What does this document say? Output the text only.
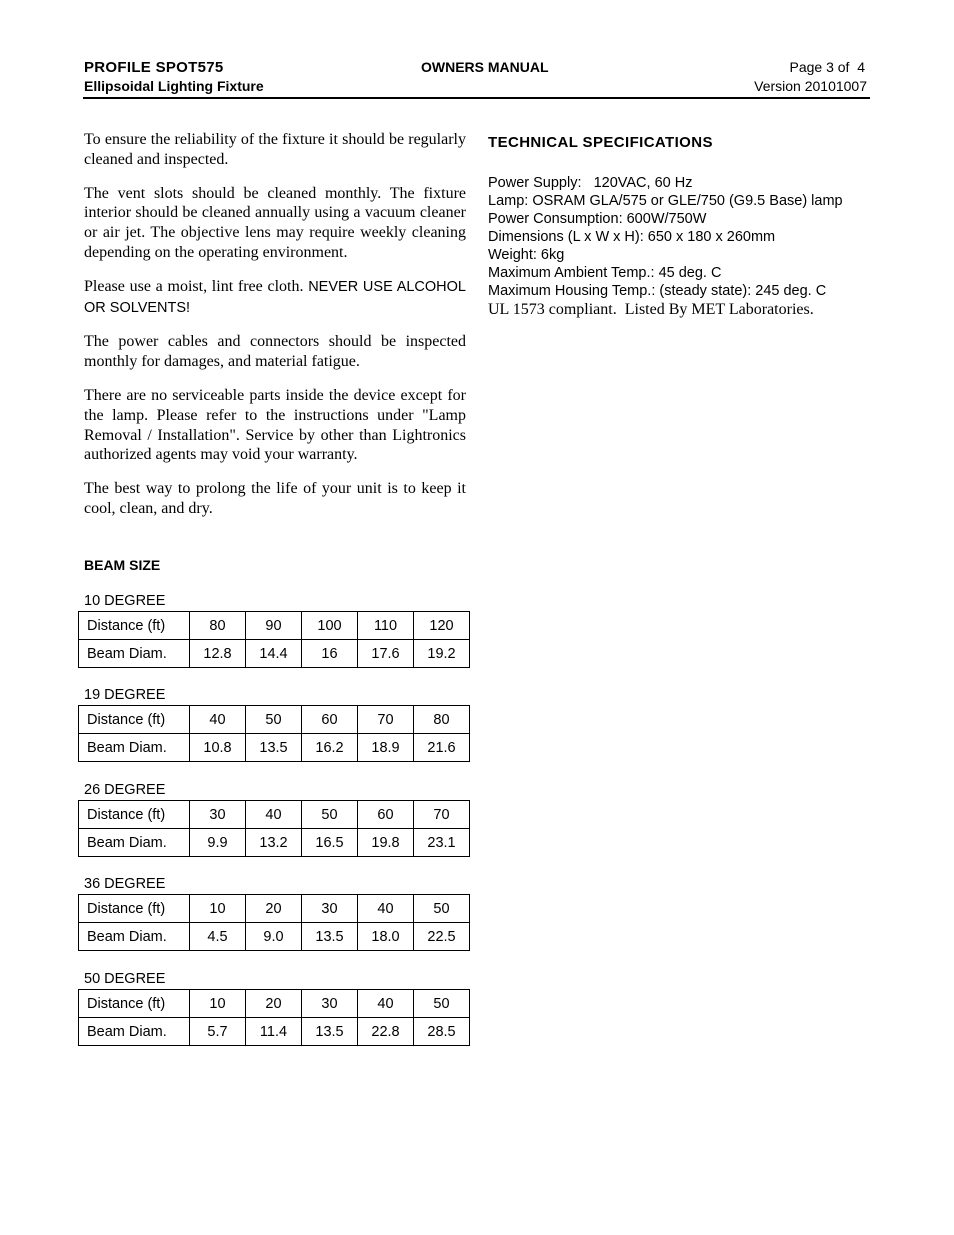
PROFILE SPOT575
Ellipsoidal Lighting Fixture
OWNERS MANUAL	Page 3 of  4
Version 20101007

To ensure the reliability of the fixture it should be regularly cleaned and inspected.

The vent slots should be cleaned monthly. The fixture interior should be cleaned annually using a vacuum cleaner or air jet. The objective lens may require weekly cleaning depending on the operating environment.

Please use a moist, lint free cloth. NEVER USE ALCOHOL OR SOLVENTS!

The power cables and connectors should be inspected monthly for damages, and material fatigue.

There are no serviceable parts inside the device except for the lamp. Please refer to the instructions under "Lamp Removal / Installation". Service by other than Lightronics authorized agents may void your warranty.

The best way to prolong the life of your unit is to keep it cool, clean, and dry.

BEAM SIZE
10 DEGREE
Distance (ft)	80	90	100	110	120
Beam Diam.	12.8	14.4	16	17.6	19.2
19 DEGREE
Distance (ft)	40	50	60	70	80
Beam Diam.	10.8	13.5	16.2	18.9	21.6
26 DEGREE
Distance (ft)	30	40	50	60	70
Beam Diam.	9.9	13.2	16.5	19.8	23.1
36 DEGREE
Distance (ft)	10	20	30	40	50
Beam Diam.	4.5	9.0	13.5	18.0	22.5
50 DEGREE
Distance (ft)	10	20	30	40	50
Beam Diam.	5.7	11.4	13.5	22.8	28.5
TECHNICAL SPECIFICATIONS
Power Supply:   120VAC, 60 Hz
Lamp: OSRAM GLA/575 or GLE/750 (G9.5 Base) lamp
Power Consumption: 600W/750W
Dimensions (L x W x H): 650 x 180 x 260mm
Weight: 6kg
Maximum Ambient Temp.: 45 deg. C
Maximum Housing Temp.: (steady state): 245 deg. C
UL 1573 compliant.  Listed By MET Laboratories.
